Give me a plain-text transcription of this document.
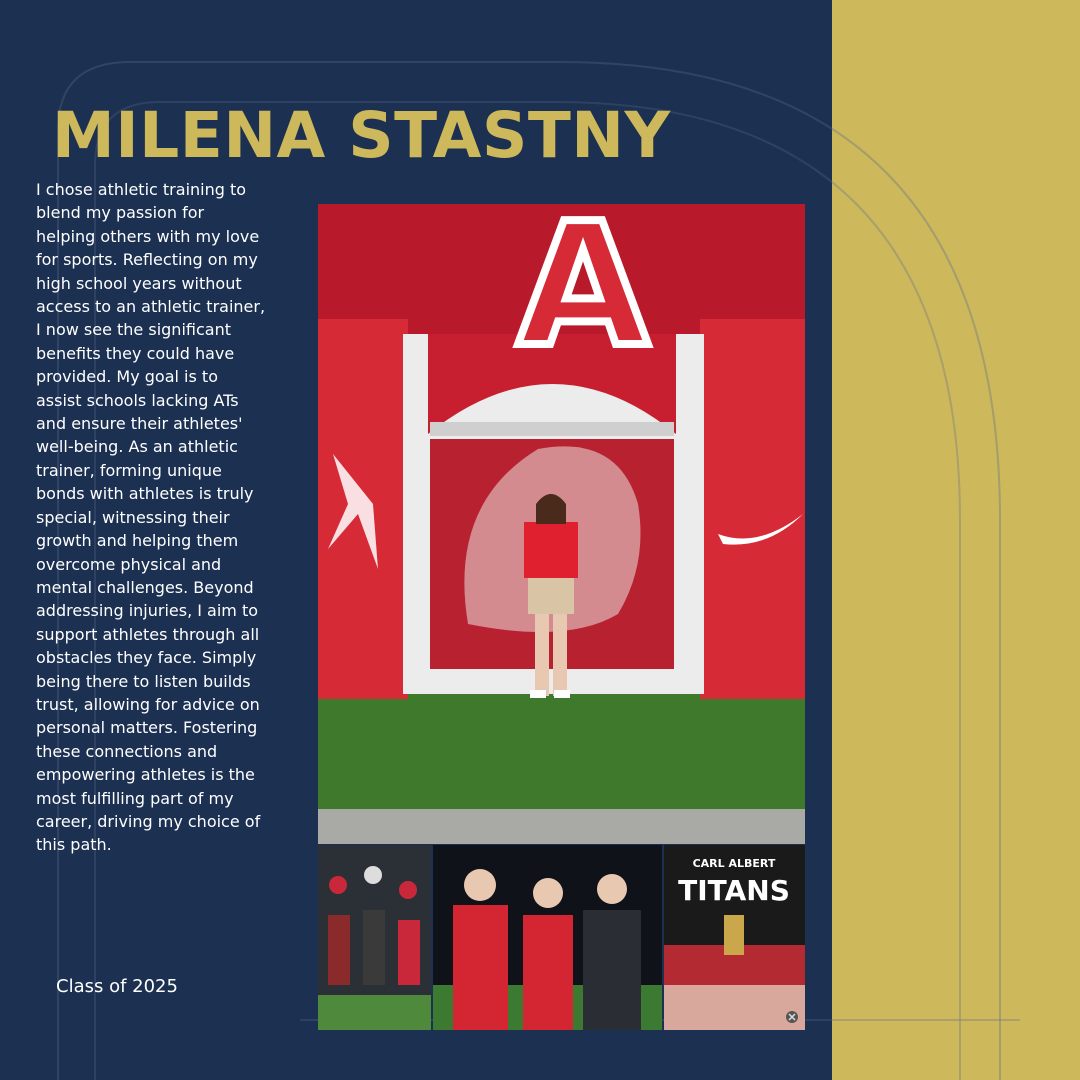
MILENA STASTNY

I chose athletic training to blend my passion for helping others with my love for sports. Reflecting on my high school years without access to an athletic trainer, I now see the significant benefits they could have provided. My goal is to assist schools lacking ATs and ensure their athletes' well-being. As an athletic trainer, forming unique bonds with athletes is truly special, witnessing their growth and helping them overcome physical and mental challenges. Beyond addressing injuries, I aim to support athletes through all obstacles they face. Simply being there to listen builds trust, allowing for advice on personal matters. Fostering these connections and empowering athletes is the most fulfilling part of my career, driving my choice of this path.

Class of 2025

A
CARL ALBERT
TITANS
